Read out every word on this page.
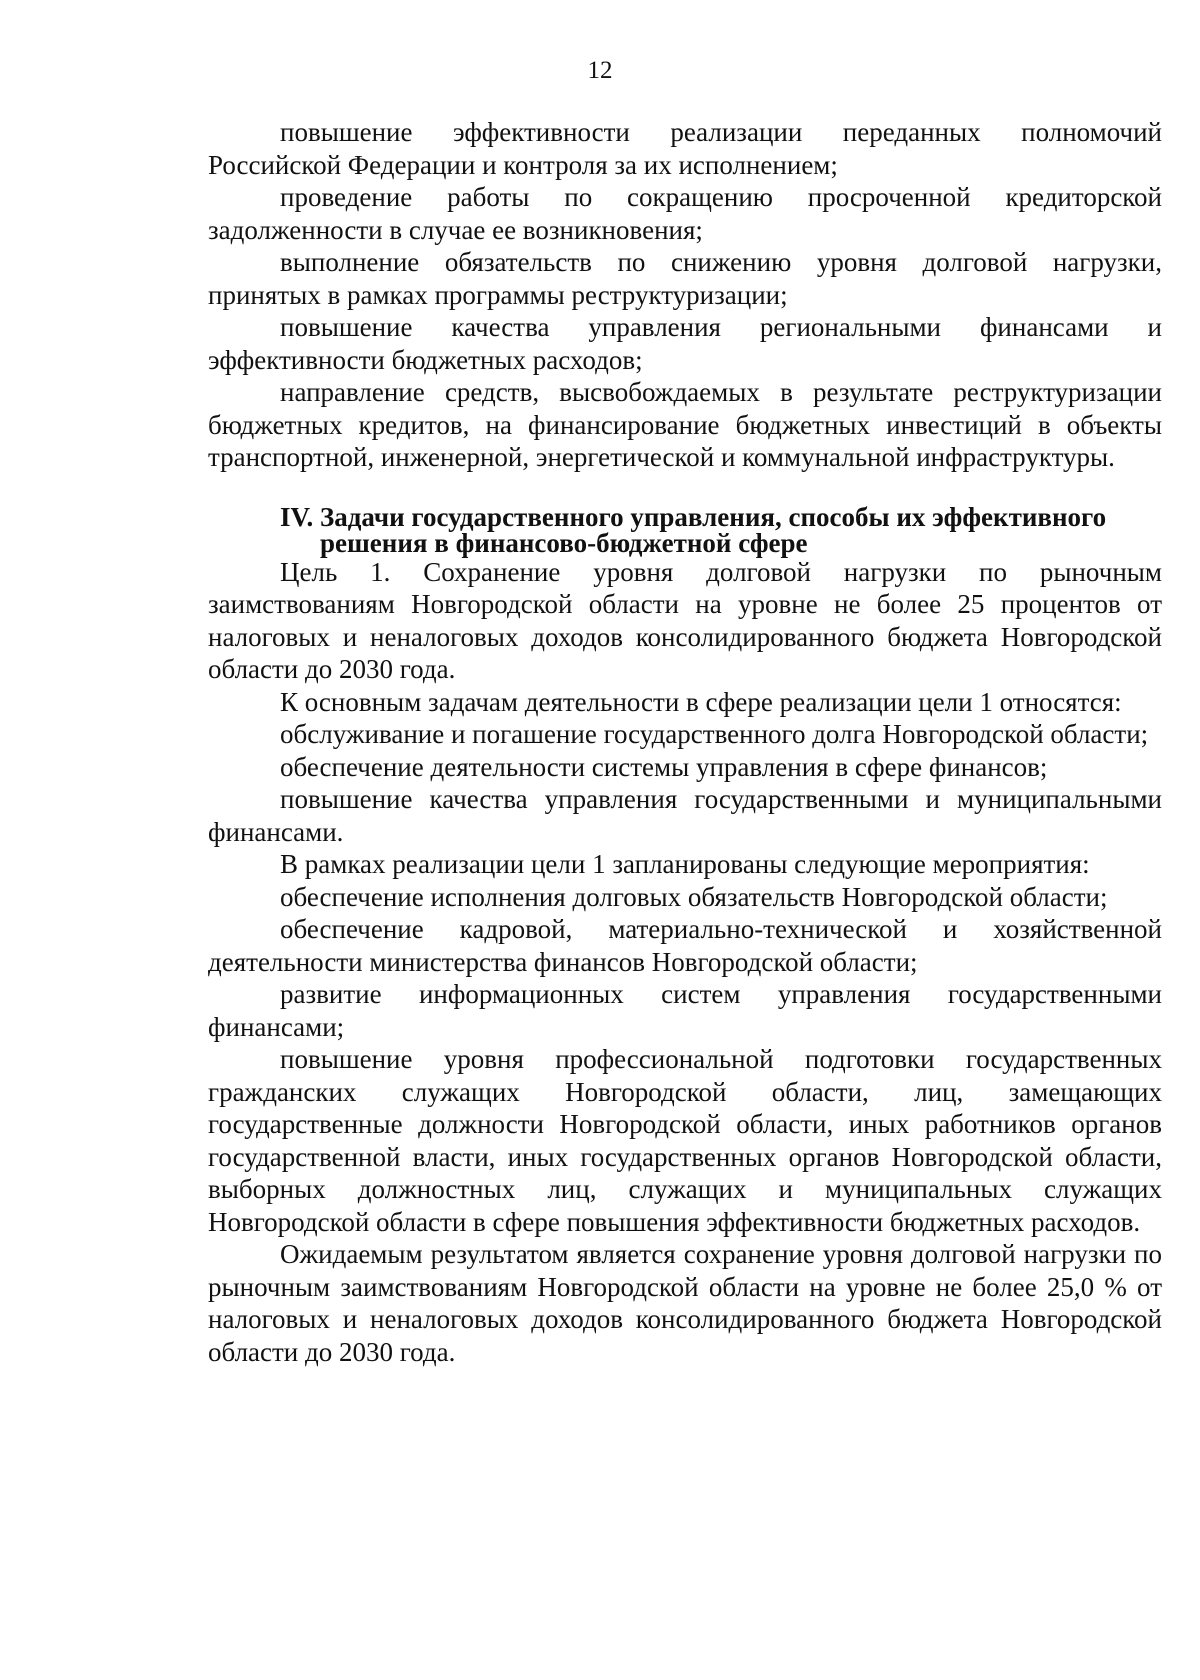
12

повышение эффективности реализации переданных полномочий Российской Федерации и контроля за их исполнением;

проведение работы по сокращению просроченной кредиторской задолженности в случае ее возникновения;

выполнение обязательств по снижению уровня долговой нагрузки, принятых в рамках программы реструктуризации;

повышение качества управления региональными финансами и эффективности бюджетных расходов;

направление средств, высвобождаемых в результате реструктуризации бюджетных кредитов, на финансирование бюджетных инвестиций в объекты транспортной, инженерной, энергетической и коммунальной инфраструктуры.

IV. Задачи государственного управления, способы их эффективного
решения в финансово-бюджетной сфере

Цель 1. Сохранение уровня долговой нагрузки по рыночным заимствованиям Новгородской области на уровне не более 25 процентов от налоговых и неналоговых доходов консолидированного бюджета Новгородской области до 2030 года.

К основным задачам деятельности в сфере реализации цели 1 относятся:

обслуживание и погашение государственного долга Новгородской области;

обеспечение деятельности системы управления в сфере финансов;

повышение качества управления государственными и муниципальными финансами.

В рамках реализации цели 1 запланированы следующие мероприятия:

обеспечение исполнения долговых обязательств Новгородской области;

обеспечение кадровой, материально-технической и хозяйственной деятельности министерства финансов Новгородской области;

развитие информационных систем управления государственными финансами;

повышение уровня профессиональной подготовки государственных гражданских служащих Новгородской области, лиц, замещающих государственные должности Новгородской области, иных работников органов государственной власти, иных государственных органов Новгородской области, выборных должностных лиц, служащих и муниципальных служащих Новгородской области в сфере повышения эффективности бюджетных расходов.

Ожидаемым результатом является сохранение уровня долговой нагрузки по рыночным заимствованиям Новгородской области на уровне не более 25,0 % от налоговых и неналоговых доходов консолидированного бюджета Новгородской области до 2030 года.
